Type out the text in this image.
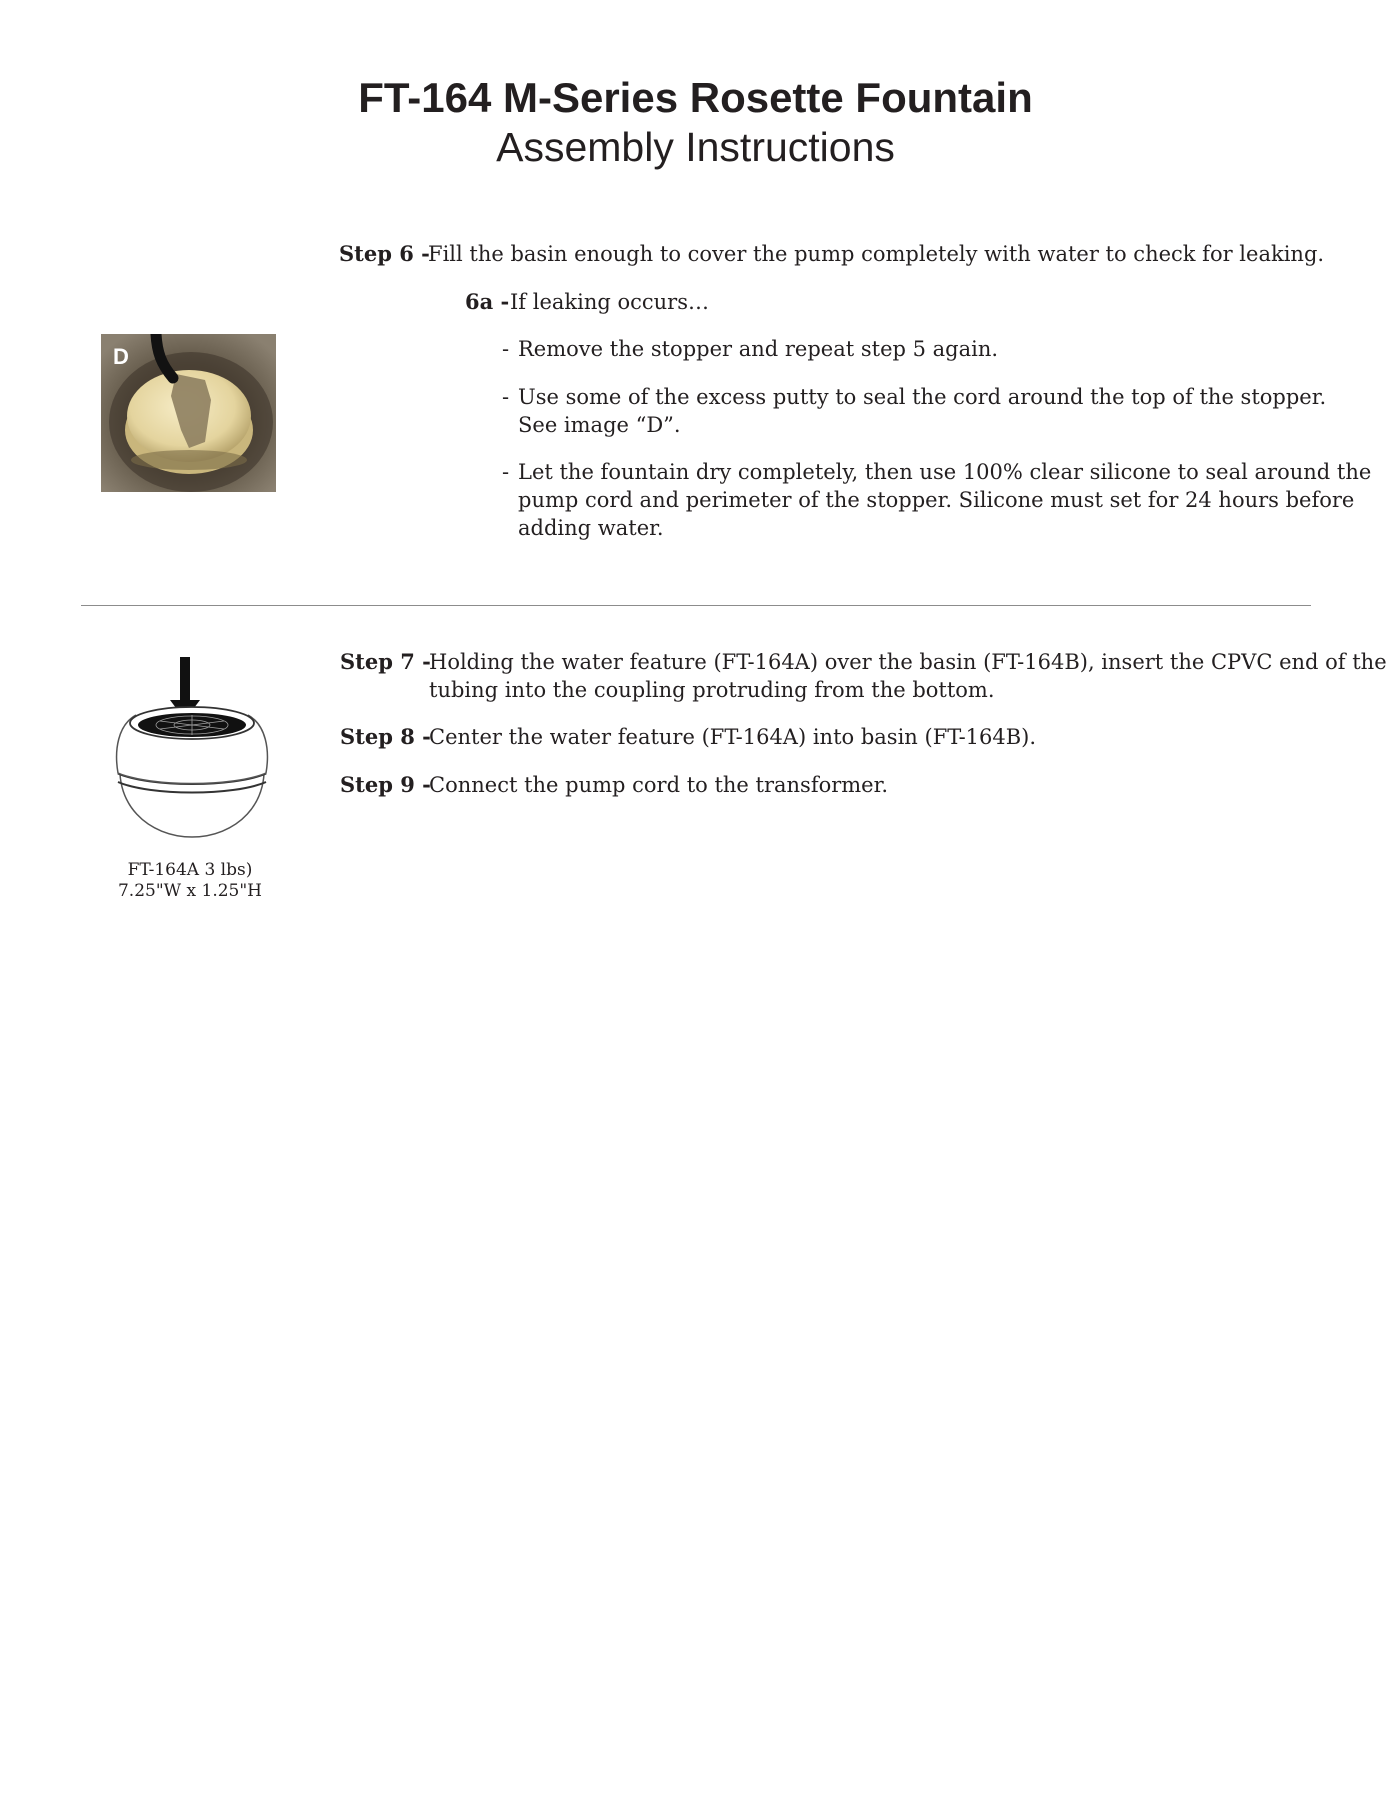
FT-164 M-Series Rosette Fountain
Assembly Instructions
D
Step 6 -
Fill the basin enough to cover the pump completely with water to check for leaking.
6a - If leaking occurs…
- Remove the stopper and repeat step 5 again.
- Use some of the excess putty to seal the cord around the top of the stopper.
See image “D”.
- Let the fountain dry completely, then use 100% clear silicone to seal around the
pump cord and perimeter of the stopper. Silicone must set for 24 hours before
adding water.
FT-164A 3 lbs)
7.25"W x 1.25"H
Step 7 -
Holding the water feature (FT-164A) over the basin (FT-164B), insert the CPVC end of the
tubing into the coupling protruding from the bottom.
Step 8 -
Center the water feature (FT-164A) into basin (FT-164B).
Step 9 -
Connect the pump cord to the transformer.
